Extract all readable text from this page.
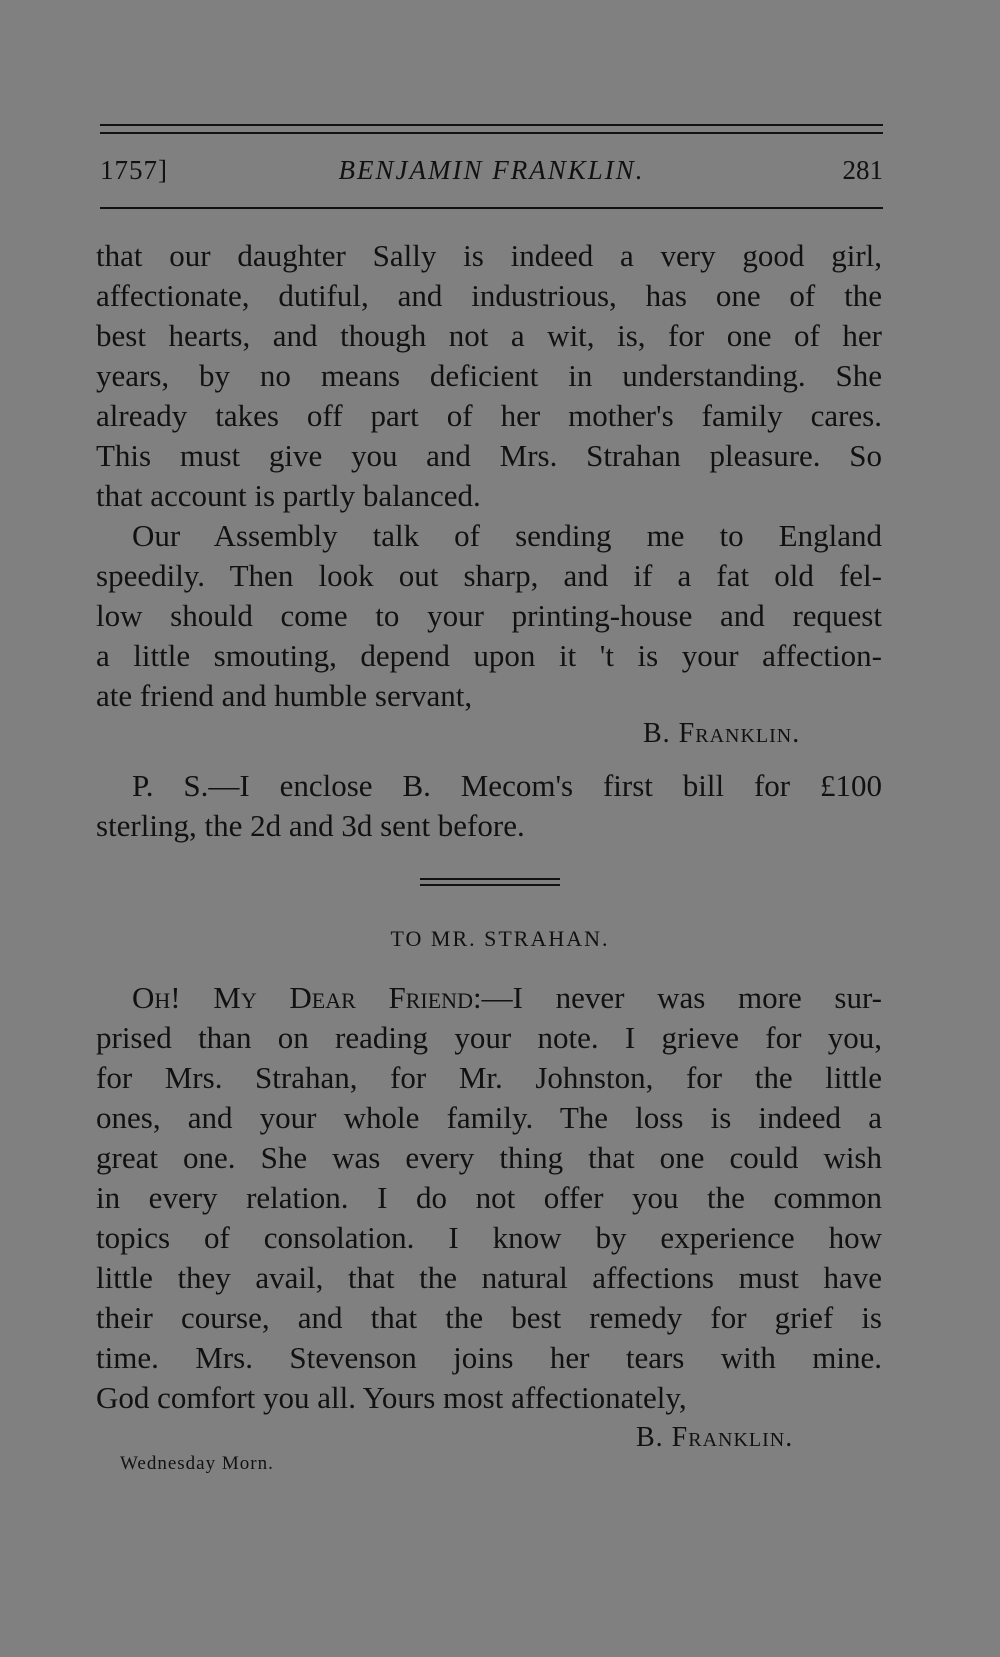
1757]	BENJAMIN FRANKLIN.	281
that our daughter Sally is indeed a very good girl,
affectionate, dutiful, and industrious, has one of the
best hearts, and though not a wit, is, for one of her
years, by no means deficient in understanding. She
already takes off part of her mother's family cares.
This must give you and Mrs. Strahan pleasure. So
that account is partly balanced.
Our Assembly talk of sending me to England
speedily. Then look out sharp, and if a fat old fel-
low should come to your printing-house and request
a little smouting, depend upon it 't is your affection-
ate friend and humble servant,
B. Franklin.
P. S.—I enclose B. Mecom's first bill for £100
sterling, the 2d and 3d sent before.
TO MR. STRAHAN.
Oh! My Dear Friend:—I never was more sur-
prised than on reading your note. I grieve for you,
for Mrs. Strahan, for Mr. Johnston, for the little
ones, and your whole family. The loss is indeed a
great one. She was every thing that one could wish
in every relation. I do not offer you the common
topics of consolation. I know by experience how
little they avail, that the natural affections must have
their course, and that the best remedy for grief is
time. Mrs. Stevenson joins her tears with mine.
God comfort you all. Yours most affectionately,
B. Franklin.
Wednesday Morn.
